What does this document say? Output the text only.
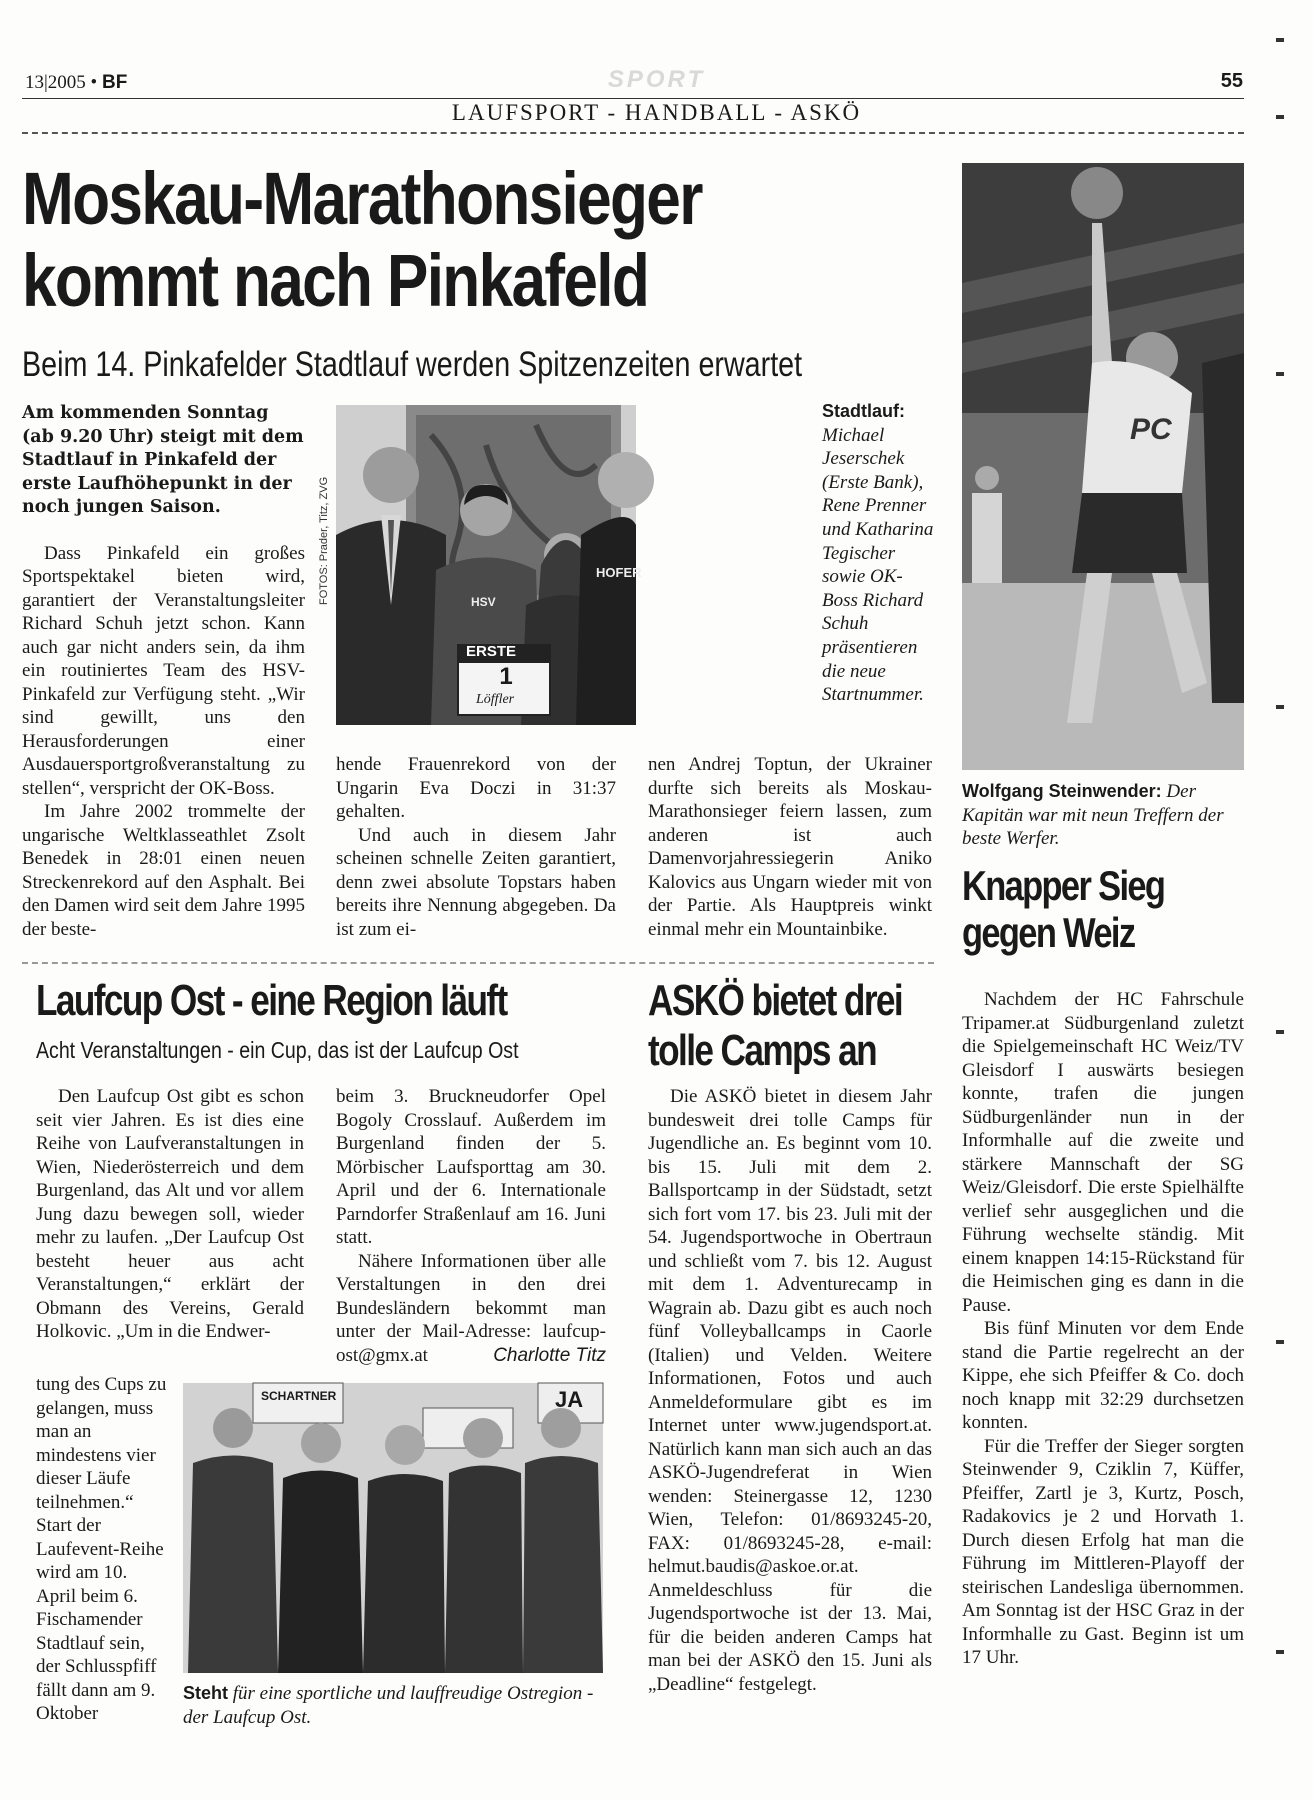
13|2005 • BF	SPORT	55
LAUFSPORT - HANDBALL - ASKÖ
Moskau-Marathonsieger
kommt nach Pinkafeld
Beim 14. Pinkafelder Stadtlauf werden Spitzenzeiten erwartet

Am kommenden Sonntag (ab 9.20 Uhr) steigt mit dem Stadtlauf in Pinkafeld der erste Laufhöhepunkt in der noch jungen Saison.

Dass Pinkafeld ein großes Sportspektakel bieten wird, garantiert der Veranstaltungsleiter Richard Schuh jetzt schon. Kann auch gar nicht anders sein, da ihm ein routiniertes Team des HSV-Pinkafeld zur Verfügung steht. „Wir sind gewillt, uns den Herausforderungen einer Ausdauersportgroßveranstaltung zu stellen“, verspricht der OK-Boss.

Im Jahre 2002 trommelte der ungarische Weltklasseathlet Zsolt Benedek in 28:01 einen neuen Streckenrekord auf den Asphalt. Bei den Damen wird seit dem Jahre 1995 der beste-

ERSTE
1
Löffler
HSV
HOFER
FOTOS: Prader, Titz, ZVG
Stadtlauf:
Michael Jeserschek (Erste Bank), Rene Prenner und Katharina Tegischer sowie OK-Boss Richard Schuh präsentieren die neue Startnummer.

hende Frauenrekord von der Ungarin Eva Doczi in 31:37 gehalten.

Und auch in diesem Jahr scheinen schnelle Zeiten garantiert, denn zwei absolute Topstars haben bereits ihre Nennung abgegeben. Da ist zum ei-

nen Andrej Toptun, der Ukrainer durfte sich bereits als Moskau-Marathonsieger feiern lassen, zum anderen ist auch Damenvorjahressiegerin Aniko Kalovics aus Ungarn wieder mit von der Partie. Als Hauptpreis winkt einmal mehr ein Mountainbike.

PC
Wolfgang Steinwender: Der Kapitän war mit neun Treffern der beste Werfer.
Knapper Sieg
gegen Weiz

Nachdem der HC Fahrschule Tripamer.at Südburgenland zuletzt die Spielgemeinschaft HC Weiz/TV Gleisdorf I auswärts besiegen konnte, trafen die jungen Südburgenländer nun in der Informhalle auf die zweite und stärkere Mannschaft der SG Weiz/Gleisdorf. Die erste Spielhälfte verlief sehr ausgeglichen und die Führung wechselte ständig. Mit einem knappen 14:15-Rückstand für die Heimischen ging es dann in die Pause.

Bis fünf Minuten vor dem Ende stand die Partie regelrecht an der Kippe, ehe sich Pfeiffer & Co. doch noch knapp mit 32:29 durchsetzen konnten.

Für die Treffer der Sieger sorgten Steinwender 9, Cziklin 7, Küffer, Pfeiffer, Zartl je 3, Kurtz, Posch, Radakovics je 2 und Horvath 1. Durch diesen Erfolg hat man die Führung im Mittleren-Playoff der steirischen Landesliga übernommen. Am Sonntag ist der HSC Graz in der Informhalle zu Gast. Beginn ist um 17 Uhr.

Laufcup Ost - eine Region läuft
Acht Veranstaltungen - ein Cup, das ist der Laufcup Ost

Den Laufcup Ost gibt es schon seit vier Jahren. Es ist dies eine Reihe von Laufveranstaltungen in Wien, Niederösterreich und dem Burgenland, das Alt und vor allem Jung dazu bewegen soll, wieder mehr zu laufen. „Der Laufcup Ost besteht heuer aus acht Veranstaltungen,“ erklärt der Obmann des Vereins, Gerald Holkovic. „Um in die Endwer-

tung des Cups zu gelangen, muss man an mindestens vier dieser Läufe teilnehmen.“ Start der Laufevent-Reihe wird am 10. April beim 6. Fischamender Stadtlauf sein, der Schlusspfiff fällt dann am 9. Oktober

beim 3. Bruckneudorfer Opel Bogoly Crosslauf. Außerdem im Burgenland finden der 5. Mörbischer Laufsporttag am 30. April und der 6. Internationale Parndorfer Straßenlauf am 16. Juni statt.

Nähere Informationen über alle Verstaltungen in den drei Bundesländern bekommt man unter der Mail-Adresse: laufcup-ost@gmx.at	Charlotte Titz

SCHARTNER	JA
Steht für eine sportliche und lauffreudige Ostregion - der Laufcup Ost.
ASKÖ bietet drei
tolle Camps an

Die ASKÖ bietet in diesem Jahr bundesweit drei tolle Camps für Jugendliche an. Es beginnt vom 10. bis 15. Juli mit dem 2. Ballsportcamp in der Südstadt, setzt sich fort vom 17. bis 23. Juli mit der 54. Jugendsportwoche in Obertraun und schließt vom 7. bis 12. August mit dem 1. Adventurecamp in Wagrain ab. Dazu gibt es auch noch fünf Volleyballcamps in Caorle (Italien) und Velden. Weitere Informationen, Fotos und auch Anmeldeformulare gibt es im Internet unter www.jugendsport.at. Natürlich kann man sich auch an das ASKÖ-Jugendreferat in Wien wenden: Steinergasse 12, 1230 Wien, Telefon: 01/8693245-20, FAX: 01/8693245-28, e-mail: helmut.baudis@askoe.or.at. Anmeldeschluss für die Jugendsportwoche ist der 13. Mai, für die beiden anderen Camps hat man bei der ASKÖ den 15. Juni als „Deadline“ festgelegt.
